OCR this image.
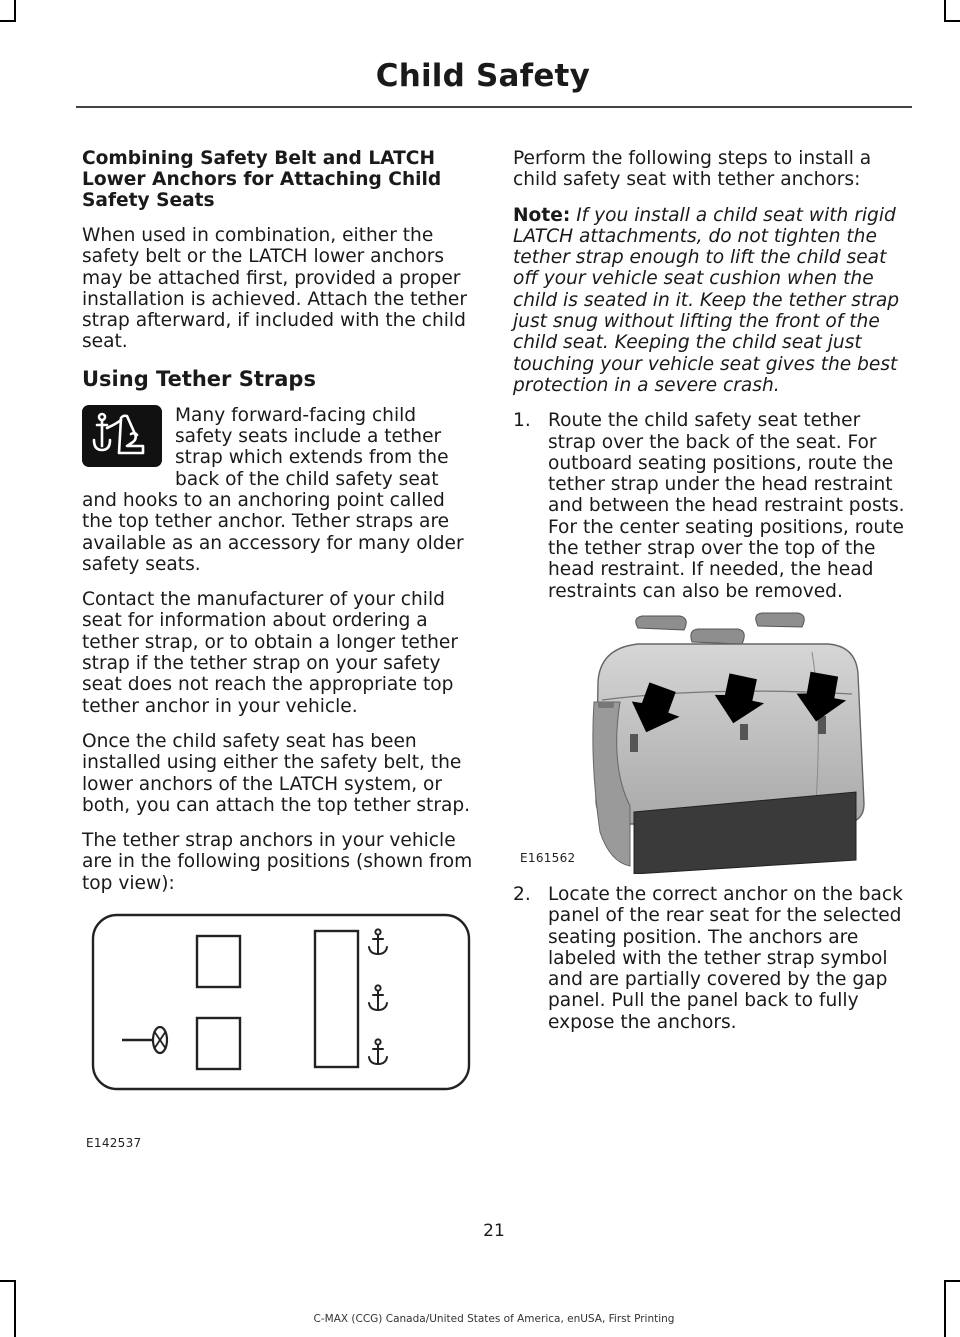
Child Safety
Combining Safety Belt and LATCH Lower Anchors for Attaching Child Safety Seats

When used in combination, either the safety belt or the LATCH lower anchors may be attached first, provided a proper installation is achieved. Attach the tether strap afterward, if included with the child seat.

Using Tether Straps

Many forward-facing child safety seats include a tether strap which extends from the back of the child safety seat and hooks to an anchoring point called the top tether anchor. Tether straps are available as an accessory for many older safety seats.

Contact the manufacturer of your child seat for information about ordering a tether strap, or to obtain a longer tether strap if the tether strap on your safety seat does not reach the appropriate top tether anchor in your vehicle.

Once the child safety seat has been installed using either the safety belt, the lower anchors of the LATCH system, or both, you can attach the top tether strap.

The tether strap anchors in your vehicle are in the following positions (shown from top view):

E142537

Perform the following steps to install a child safety seat with tether anchors:

Note: If you install a child seat with rigid LATCH attachments, do not tighten the tether strap enough to lift the child seat off your vehicle seat cushion when the child is seated in it. Keep the tether strap just snug without lifting the front of the child seat. Keeping the child seat just touching your vehicle seat gives the best protection in a severe crash.

1. Route the child safety seat tether strap over the back of the seat. For outboard seating positions, route the tether strap under the head restraint and between the head restraint posts. For the center seating positions, route the tether strap over the top of the head restraint. If needed, the head restraints can also be removed.
E161562
2. Locate the correct anchor on the back panel of the rear seat for the selected seating position. The anchors are labeled with the tether strap symbol and are partially covered by the gap panel. Pull the panel back to fully expose the anchors.
21
C-MAX (CCG) Canada/United States of America, enUSA, First Printing
